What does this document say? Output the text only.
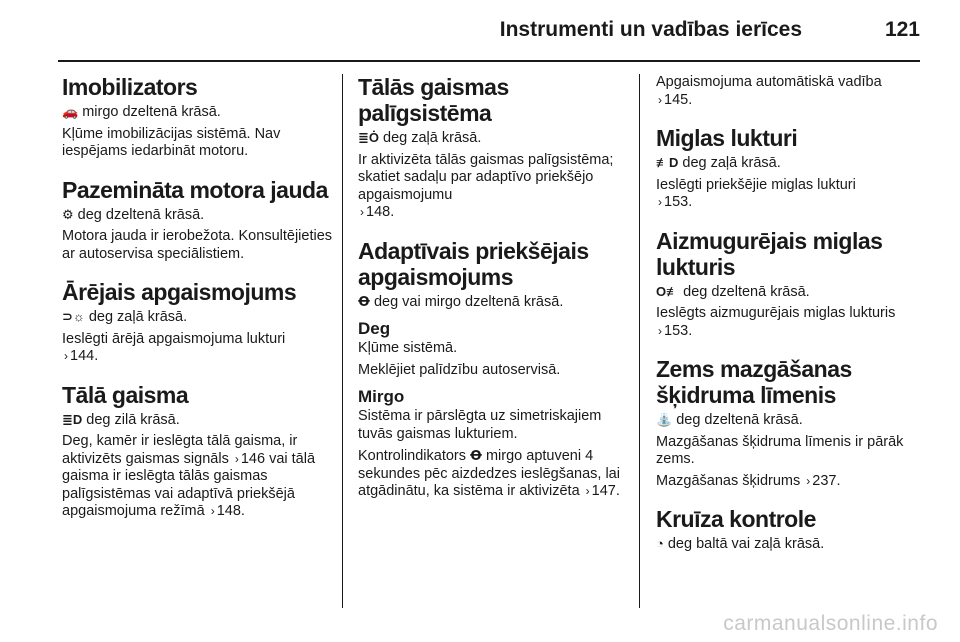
Instrumenti un vadības ierīces	121
Imobilizators

🚗 mirgo dzeltenā krāsā.

Kļūme imobilizācijas sistēmā. Nav iespējams iedarbināt motoru.

Pazemināta motora jauda

⚙ deg dzeltenā krāsā.

Motora jauda ir ierobežota. Konsultējieties ar autoservisa speciālistiem.

Ārējais apgaismojums

⊃☼ deg zaļā krāsā.

Ieslēgti ārējā apgaismojuma lukturi
› 144.

Tālā gaisma

≣D deg zilā krāsā.

Deg, kamēr ir ieslēgta tālā gaisma, ir aktivizēts gaismas signāls › 146 vai tālā gaisma ir ieslēgta tālās gaismas palīgsistēmas vai adaptīvā priekšējā apgaismojuma režīmā › 148.

Tālās gaismas palīgsistēma

≣Ȯ deg zaļā krāsā.

Ir aktivizēta tālās gaismas palīgsistēma; skatiet sadaļu par adaptīvo priekšējo apgaismojumu
› 148.

Adaptīvais priekšējais apgaismojums

Ꝋ deg vai mirgo dzeltenā krāsā.

Deg

Kļūme sistēmā.

Meklējiet palīdzību autoservisā.

Mirgo

Sistēma ir pārslēgta uz simetriskajiem tuvās gaismas lukturiem.

Kontrolindikators Ꝋ mirgo aptuveni 4 sekundes pēc aizdedzes ieslēgšanas, lai atgādinātu, ka sistēma ir aktivizēta › 147.

Apgaismojuma automātiskā vadība
› 145.

Miglas lukturi

≢D deg zaļā krāsā.

Ieslēgti priekšējie miglas lukturi
› 153.

Aizmugurējais miglas lukturis

O≢ deg dzeltenā krāsā.

Ieslēgts aizmugurējais miglas lukturis
› 153.

Zems mazgāšanas šķidruma līmenis

⛲ deg dzeltenā krāsā.

Mazgāšanas šķidruma līmenis ir pārāk zems.

Mazgāšanas šķidrums › 237.

Kruīza kontrole

◔ deg baltā vai zaļā krāsā.

carmanualsonline.info
